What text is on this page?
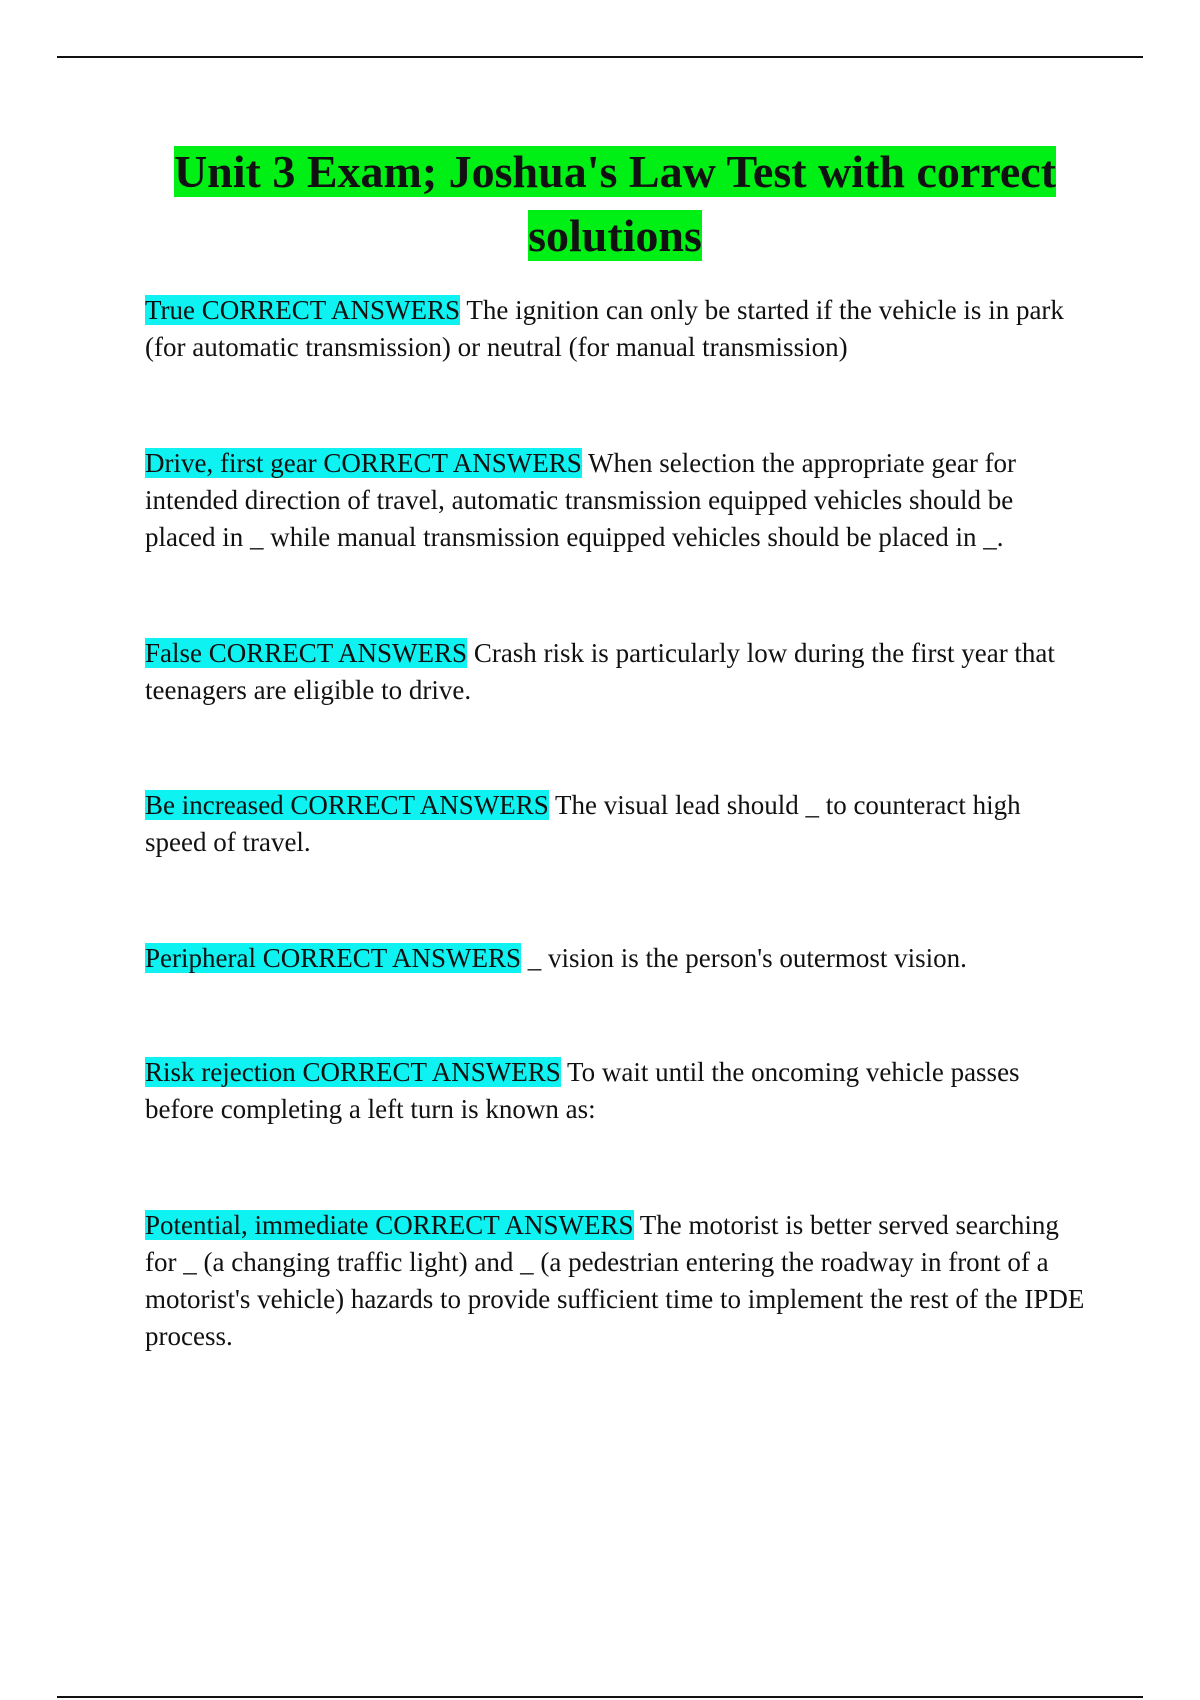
Unit 3 Exam; Joshua's Law Test with correct solutions

True CORRECT ANSWERS The ignition can only be started if the vehicle is in park (for automatic transmission) or neutral (for manual transmission)

Drive, first gear CORRECT ANSWERS When selection the appropriate gear for intended direction of travel, automatic transmission equipped vehicles should be placed in _ while manual transmission equipped vehicles should be placed in _.

False CORRECT ANSWERS Crash risk is particularly low during the first year that teenagers are eligible to drive.

Be increased CORRECT ANSWERS The visual lead should _ to counteract high speed of travel.

Peripheral CORRECT ANSWERS _ vision is the person's outermost vision.

Risk rejection CORRECT ANSWERS To wait until the oncoming vehicle passes before completing a left turn is known as:

Potential, immediate CORRECT ANSWERS The motorist is better served searching for _ (a changing traffic light) and _ (a pedestrian entering the roadway in front of a motorist's vehicle) hazards to provide sufficient time to implement the rest of the IPDE process.
